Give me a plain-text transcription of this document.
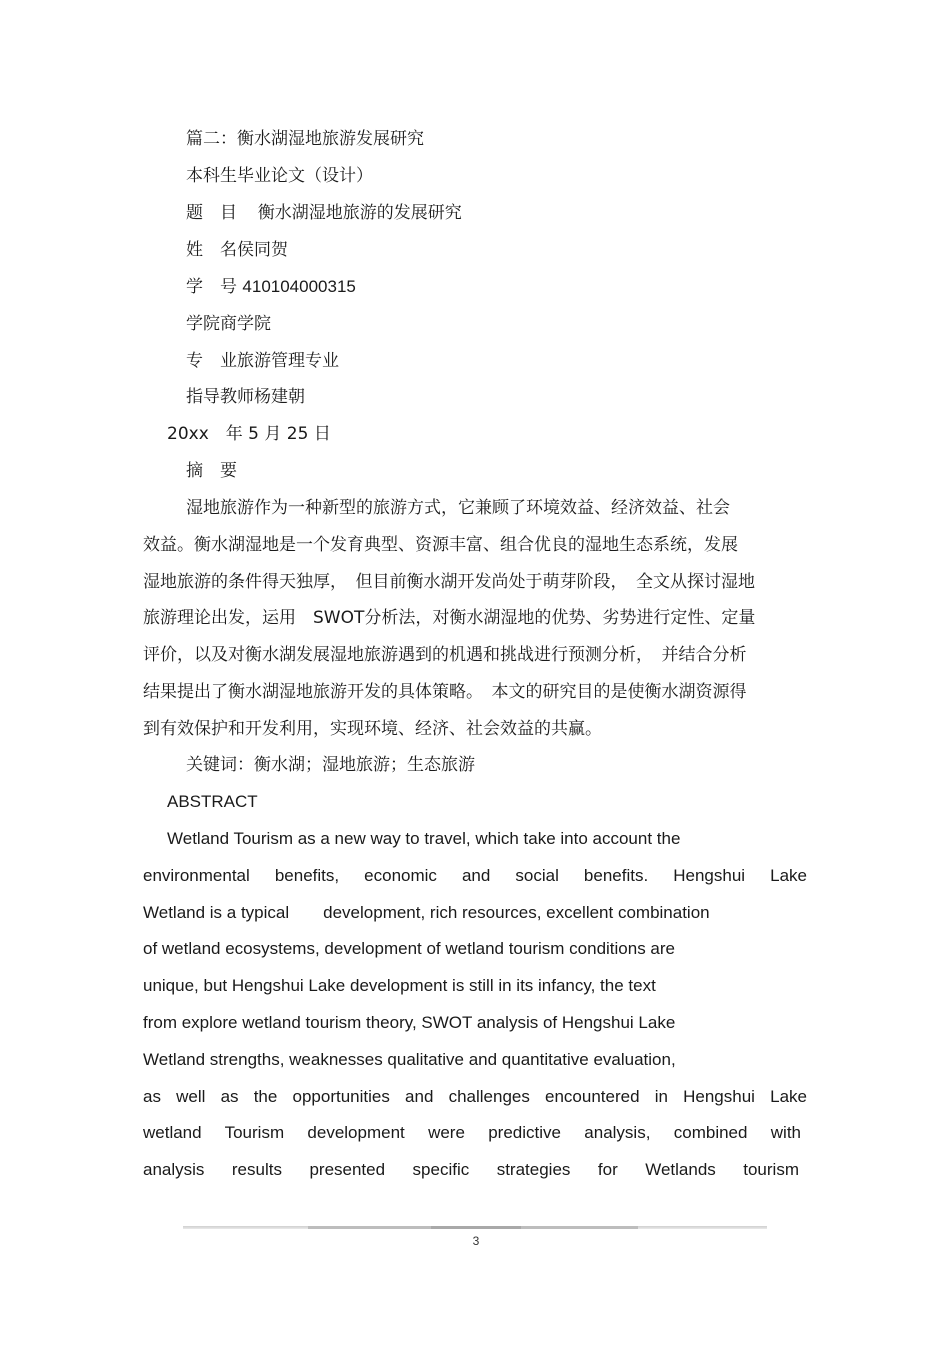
篇二：衡水湖湿地旅游发展研究
本科生毕业论文（设计）
题　目 衡水湖湿地旅游的发展研究
姓　名侯同贺
学　号 410104000315
学院商学院
专　业旅游管理专业
指导教师杨建朝
20xx　年 5 月 25 日
摘　要
湿地旅游作为一种新型的旅游方式，它兼顾了环境效益、经济效益、社会
效益。衡水湖湿地是一个发育典型、资源丰富、组合优良的湿地生态系统，发展
湿地旅游的条件得天独厚，　但目前衡水湖开发尚处于萌芽阶段，　全文从探讨湿地
旅游理论出发，运用　SWOT分析法，对衡水湖湿地的优势、劣势进行定性、定量
评价，以及对衡水湖发展湿地旅游遇到的机遇和挑战进行预测分析，　并结合分析
结果提出了衡水湖湿地旅游开发的具体策略。　本文的研究目的是使衡水湖资源得
到有效保护和开发利用，实现环境、经济、社会效益的共赢。
关键词：衡水湖；湿地旅游；生态旅游
ABSTRACT
Wetland Tourism as a new way to travel, which take into account the
environmental benefits, economic and social benefits. Hengshui Lake
Wetland is a typical　　development, rich resources, excellent combination
of wetland ecosystems, development of wetland tourism conditions are
unique, but Hengshui Lake development is still in its infancy, the text
from explore wetland tourism theory, SWOT analysis of Hengshui Lake
Wetland strengths, weaknesses qualitative and quantitative evaluation,
as well as the opportunities and challenges encountered in Hengshui Lake
wetland Tourism development were predictive analysis, combined with
analysis results presented specific strategies for Wetlands tourism
3
